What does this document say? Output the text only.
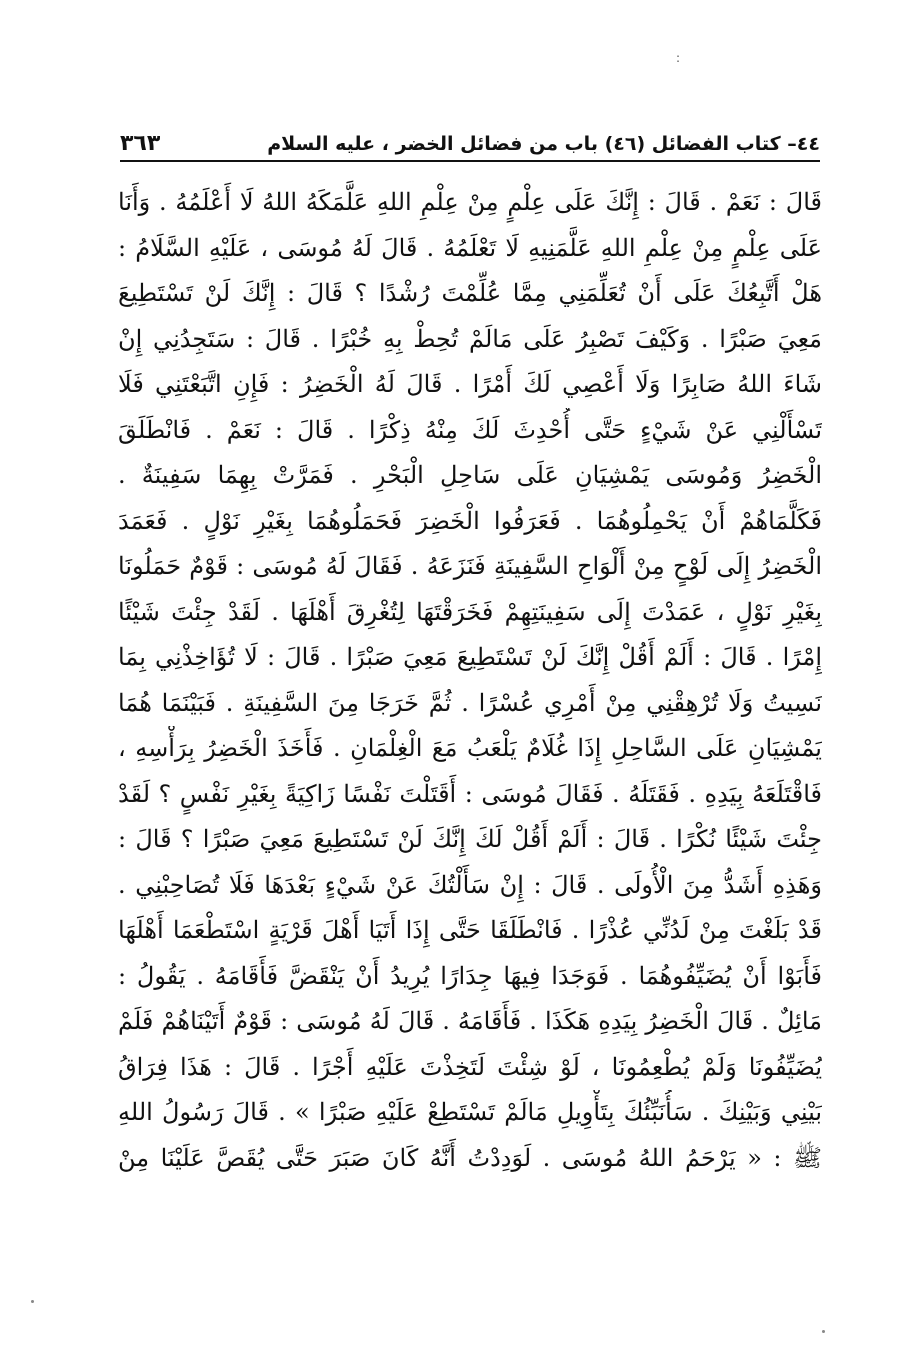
:
٤٤– كتاب الفضائل (٤٦) باب من فضائل الخضر ، عليه السلام
٣٦٣
قَالَ : نَعَمْ . قَالَ : إِنَّكَ عَلَى عِلْمٍ مِنْ عِلْمِ اللهِ عَلَّمَكَهُ اللهُ لَا أَعْلَمُهُ . وَأَنَا
عَلَى عِلْمٍ مِنْ عِلْمِ اللهِ عَلَّمَنِيهِ لَا تَعْلَمُهُ . قَالَ لَهُ مُوسَى ، عَلَيْهِ السَّلَامُ :
هَلْ أَتَّبِعُكَ عَلَى أَنْ تُعَلِّمَنِي مِمَّا عُلِّمْتَ رُشْدًا ؟ قَالَ : إِنَّكَ لَنْ تَسْتَطِيعَ
مَعِيَ صَبْرًا . وَكَيْفَ تَصْبِرُ عَلَى مَالَمْ تُحِطْ بِهِ خُبْرًا . قَالَ : سَتَجِدُنِي إِنْ
شَاءَ اللهُ صَابِرًا وَلَا أَعْصِي لَكَ أَمْرًا . قَالَ لَهُ الْخَضِرُ : فَإِنِ اتَّبَعْتَنِي فَلَا
تَسْأَلْنِي عَنْ شَيْءٍ حَتَّى أُحْدِثَ لَكَ مِنْهُ ذِكْرًا . قَالَ : نَعَمْ . فَانْطَلَقَ
الْخَضِرُ وَمُوسَى يَمْشِيَانِ عَلَى سَاحِلِ الْبَحْرِ . فَمَرَّتْ بِهِمَا سَفِينَةٌ .
فَكَلَّمَاهُمْ أَنْ يَحْمِلُوهُمَا . فَعَرَفُوا الْخَضِرَ فَحَمَلُوهُمَا بِغَيْرِ نَوْلٍ . فَعَمَدَ
الْخَضِرُ إِلَى لَوْحٍ مِنْ أَلْوَاحِ السَّفِينَةِ فَنَزَعَهُ . فَقَالَ لَهُ مُوسَى : قَوْمٌ حَمَلُونَا
بِغَيْرِ نَوْلٍ ، عَمَدْتَ إِلَى سَفِينَتِهِمْ فَخَرَقْتَهَا لِتُغْرِقَ أَهْلَهَا . لَقَدْ جِئْتَ شَيْئًا
إِمْرًا . قَالَ : أَلَمْ أَقُلْ إِنَّكَ لَنْ تَسْتَطِيعَ مَعِيَ صَبْرًا . قَالَ : لَا تُؤَاخِذْنِي بِمَا
نَسِيتُ وَلَا تُرْهِقْنِي مِنْ أَمْرِي عُسْرًا . ثُمَّ خَرَجَا مِنَ السَّفِينَةِ . فَبَيْنَمَا هُمَا
يَمْشِيَانِ عَلَى السَّاحِلِ إِذَا غُلَامٌ يَلْعَبُ مَعَ الْغِلْمَانِ . فَأَخَذَ الْخَضِرُ بِرَأْسِهِ ،
فَاقْتَلَعَهُ بِيَدِهِ . فَقَتَلَهُ . فَقَالَ مُوسَى : أَقَتَلْتَ نَفْسًا زَاكِيَةً بِغَيْرِ نَفْسٍ ؟ لَقَدْ
جِئْتَ شَيْئًا نُكْرًا . قَالَ : أَلَمْ أَقُلْ لَكَ إِنَّكَ لَنْ تَسْتَطِيعَ مَعِيَ صَبْرًا ؟ قَالَ :
وَهَذِهِ أَشَدُّ مِنَ الْأُولَى . قَالَ : إِنْ سَأَلْتُكَ عَنْ شَيْءٍ بَعْدَهَا فَلَا تُصَاحِبْنِي .
قَدْ بَلَغْتَ مِنْ لَدُنِّي عُذْرًا . فَانْطَلَقَا حَتَّى إِذَا أَتَيَا أَهْلَ قَرْيَةٍ اسْتَطْعَمَا أَهْلَهَا
فَأَبَوْا أَنْ يُضَيِّفُوهُمَا . فَوَجَدَا فِيهَا جِدَارًا يُرِيدُ أَنْ يَنْقَضَّ فَأَقَامَهُ . يَقُولُ :
مَائِلٌ . قَالَ الْخَضِرُ بِيَدِهِ هَكَذَا . فَأَقَامَهُ . قَالَ لَهُ مُوسَى : قَوْمٌ أَتَيْنَاهُمْ فَلَمْ
يُضَيِّفُونَا وَلَمْ يُطْعِمُونَا ، لَوْ شِئْتَ لَتَخِذْتَ عَلَيْهِ أَجْرًا . قَالَ : هَذَا فِرَاقُ
بَيْنِي وَبَيْنِكَ . سَأُنَبِّئُكَ بِتَأْوِيلِ مَالَمْ تَسْتَطِعْ عَلَيْهِ صَبْرًا » . قَالَ رَسُولُ اللهِ
ﷺ : « يَرْحَمُ اللهُ مُوسَى . لَوَدِدْتُ أَنَّهُ كَانَ صَبَرَ حَتَّى يُقَصَّ عَلَيْنَا مِنْ
